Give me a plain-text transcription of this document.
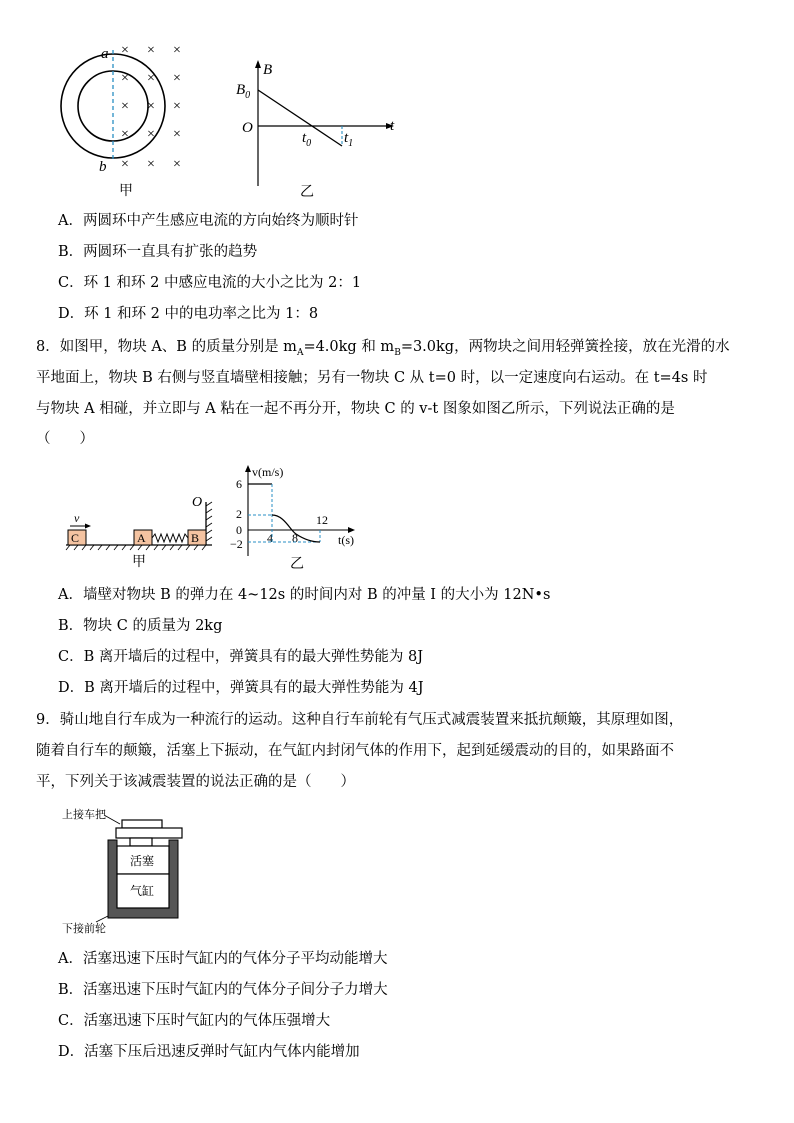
a
b
× × ×
× × ×
× × ×
× × ×
× × ×
甲
B
t
$B_0$
O
$t_0$ $t_1$
乙
A．两圆环中产生感应电流的方向始终为顺时针
B．两圆环一直具有扩张的趋势
C．环 1 和环 2 中感应电流的大小之比为 2：1
D．环 1 和环 2 中的电功率之比为 1：8
8．如图甲，物块 A、B 的质量分别是 $m_A=4.0kg$ 和 $m_B=3.0kg$，两物块之间用轻弹簧拴接，放在光滑的水
平地面上，物块 B 右侧与竖直墙壁相接触；另有一物块 C 从 t=0 时，以一定速度向右运动。在 t=4s 时
与物块 A 相碰，并立即与 A 粘在一起不再分开，物块 C 的 v-t 图象如图乙所示，下列说法正确的是
（　　）
O
C
v
A	B
甲
v(m/s)
t(s)
6
2
0
−2 4 8
12
乙
A．墙壁对物块 B 的弹力在 4~12s 的时间内对 B 的冲量 I 的大小为 12N•s
B．物块 C 的质量为 2kg
C．B 离开墙后的过程中，弹簧具有的最大弹性势能为 8J
D．B 离开墙后的过程中，弹簧具有的最大弹性势能为 4J
9．骑山地自行车成为一种流行的运动。这种自行车前轮有气压式减震装置来抵抗颠簸，其原理如图，
随着自行车的颠簸，活塞上下振动，在气缸内封闭气体的作用下，起到延缓震动的目的，如果路面不
平，下列关于该减震装置的说法正确的是（　　）
上接车把
活塞
气缸
下接前轮
A．活塞迅速下压时气缸内的气体分子平均动能增大
B．活塞迅速下压时气缸内的气体分子间分子力增大
C．活塞迅速下压时气缸内的气体压强增大
D．活塞下压后迅速反弹时气缸内气体内能增加
